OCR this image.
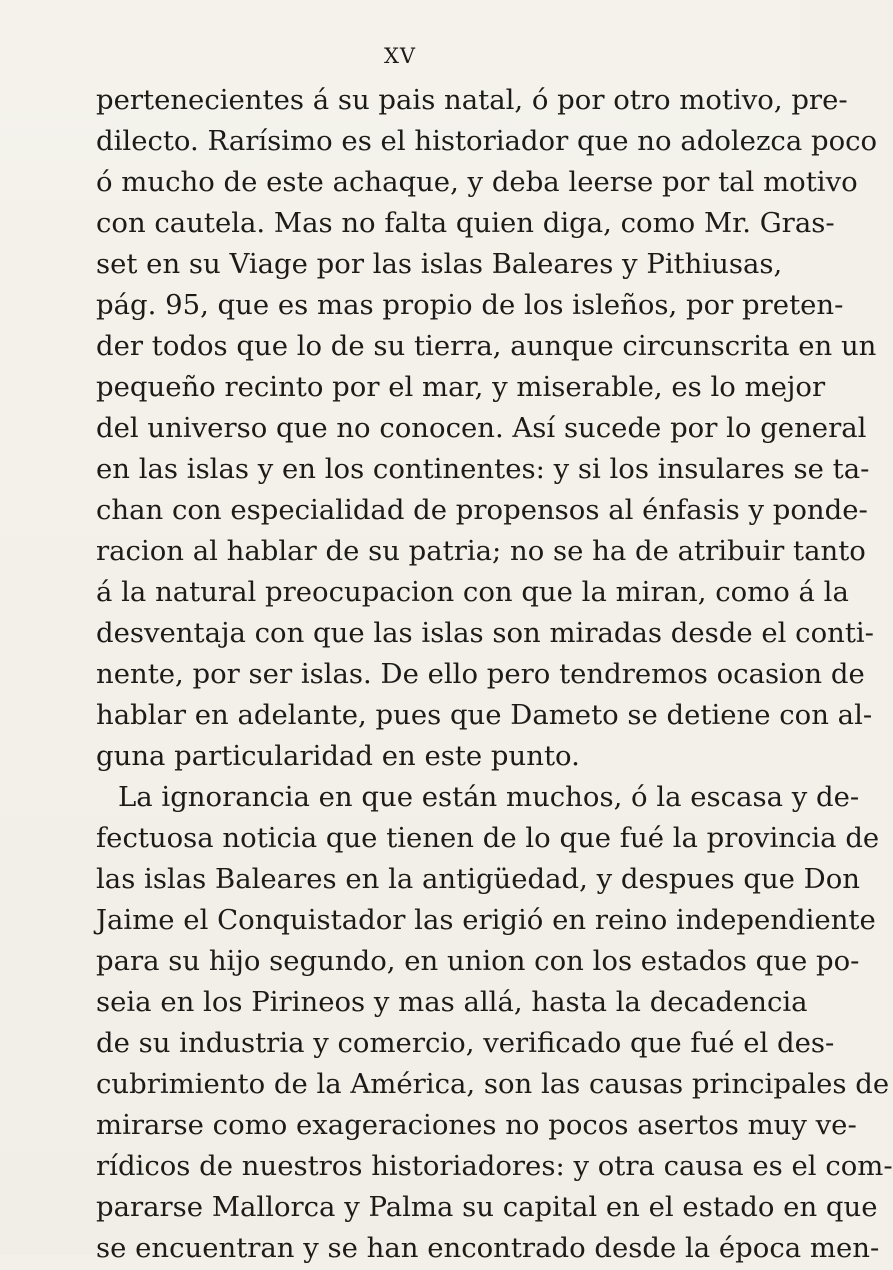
XV
pertenecientes á su pais natal, ó por otro motivo, pre-
dilecto. Rarísimo es el historiador que no adolezca poco
ó mucho de este achaque, y deba leerse por tal motivo
con cautela. Mas no falta quien diga, como Mr. Gras-
set en su Viage por las islas Baleares y Pithiusas,
pág. 95, que es mas propio de los isleños, por preten-
der todos que lo de su tierra, aunque circunscrita en un
pequeño recinto por el mar, y miserable, es lo mejor
del universo que no conocen. Así sucede por lo general
en las islas y en los continentes: y si los insulares se ta-
chan con especialidad de propensos al énfasis y ponde-
racion al hablar de su patria; no se ha de atribuir tanto
á la natural preocupacion con que la miran, como á la
desventaja con que las islas son miradas desde el conti-
nente, por ser islas. De ello pero tendremos ocasion de
hablar en adelante, pues que Dameto se detiene con al-
guna particularidad en este punto.
La ignorancia en que están muchos, ó la escasa y de-
fectuosa noticia que tienen de lo que fué la provincia de
las islas Baleares en la antigüedad, y despues que Don
Jaime el Conquistador las erigió en reino independiente
para su hijo segundo, en union con los estados que po-
seia en los Pirineos y mas allá, hasta la decadencia
de su industria y comercio, verificado que fué el des-
cubrimiento de la América, son las causas principales de
mirarse como exageraciones no pocos asertos muy ve-
rídicos de nuestros historiadores: y otra causa es el com-
pararse Mallorca y Palma su capital en el estado en que
se encuentran y se han encontrado desde la época men-
